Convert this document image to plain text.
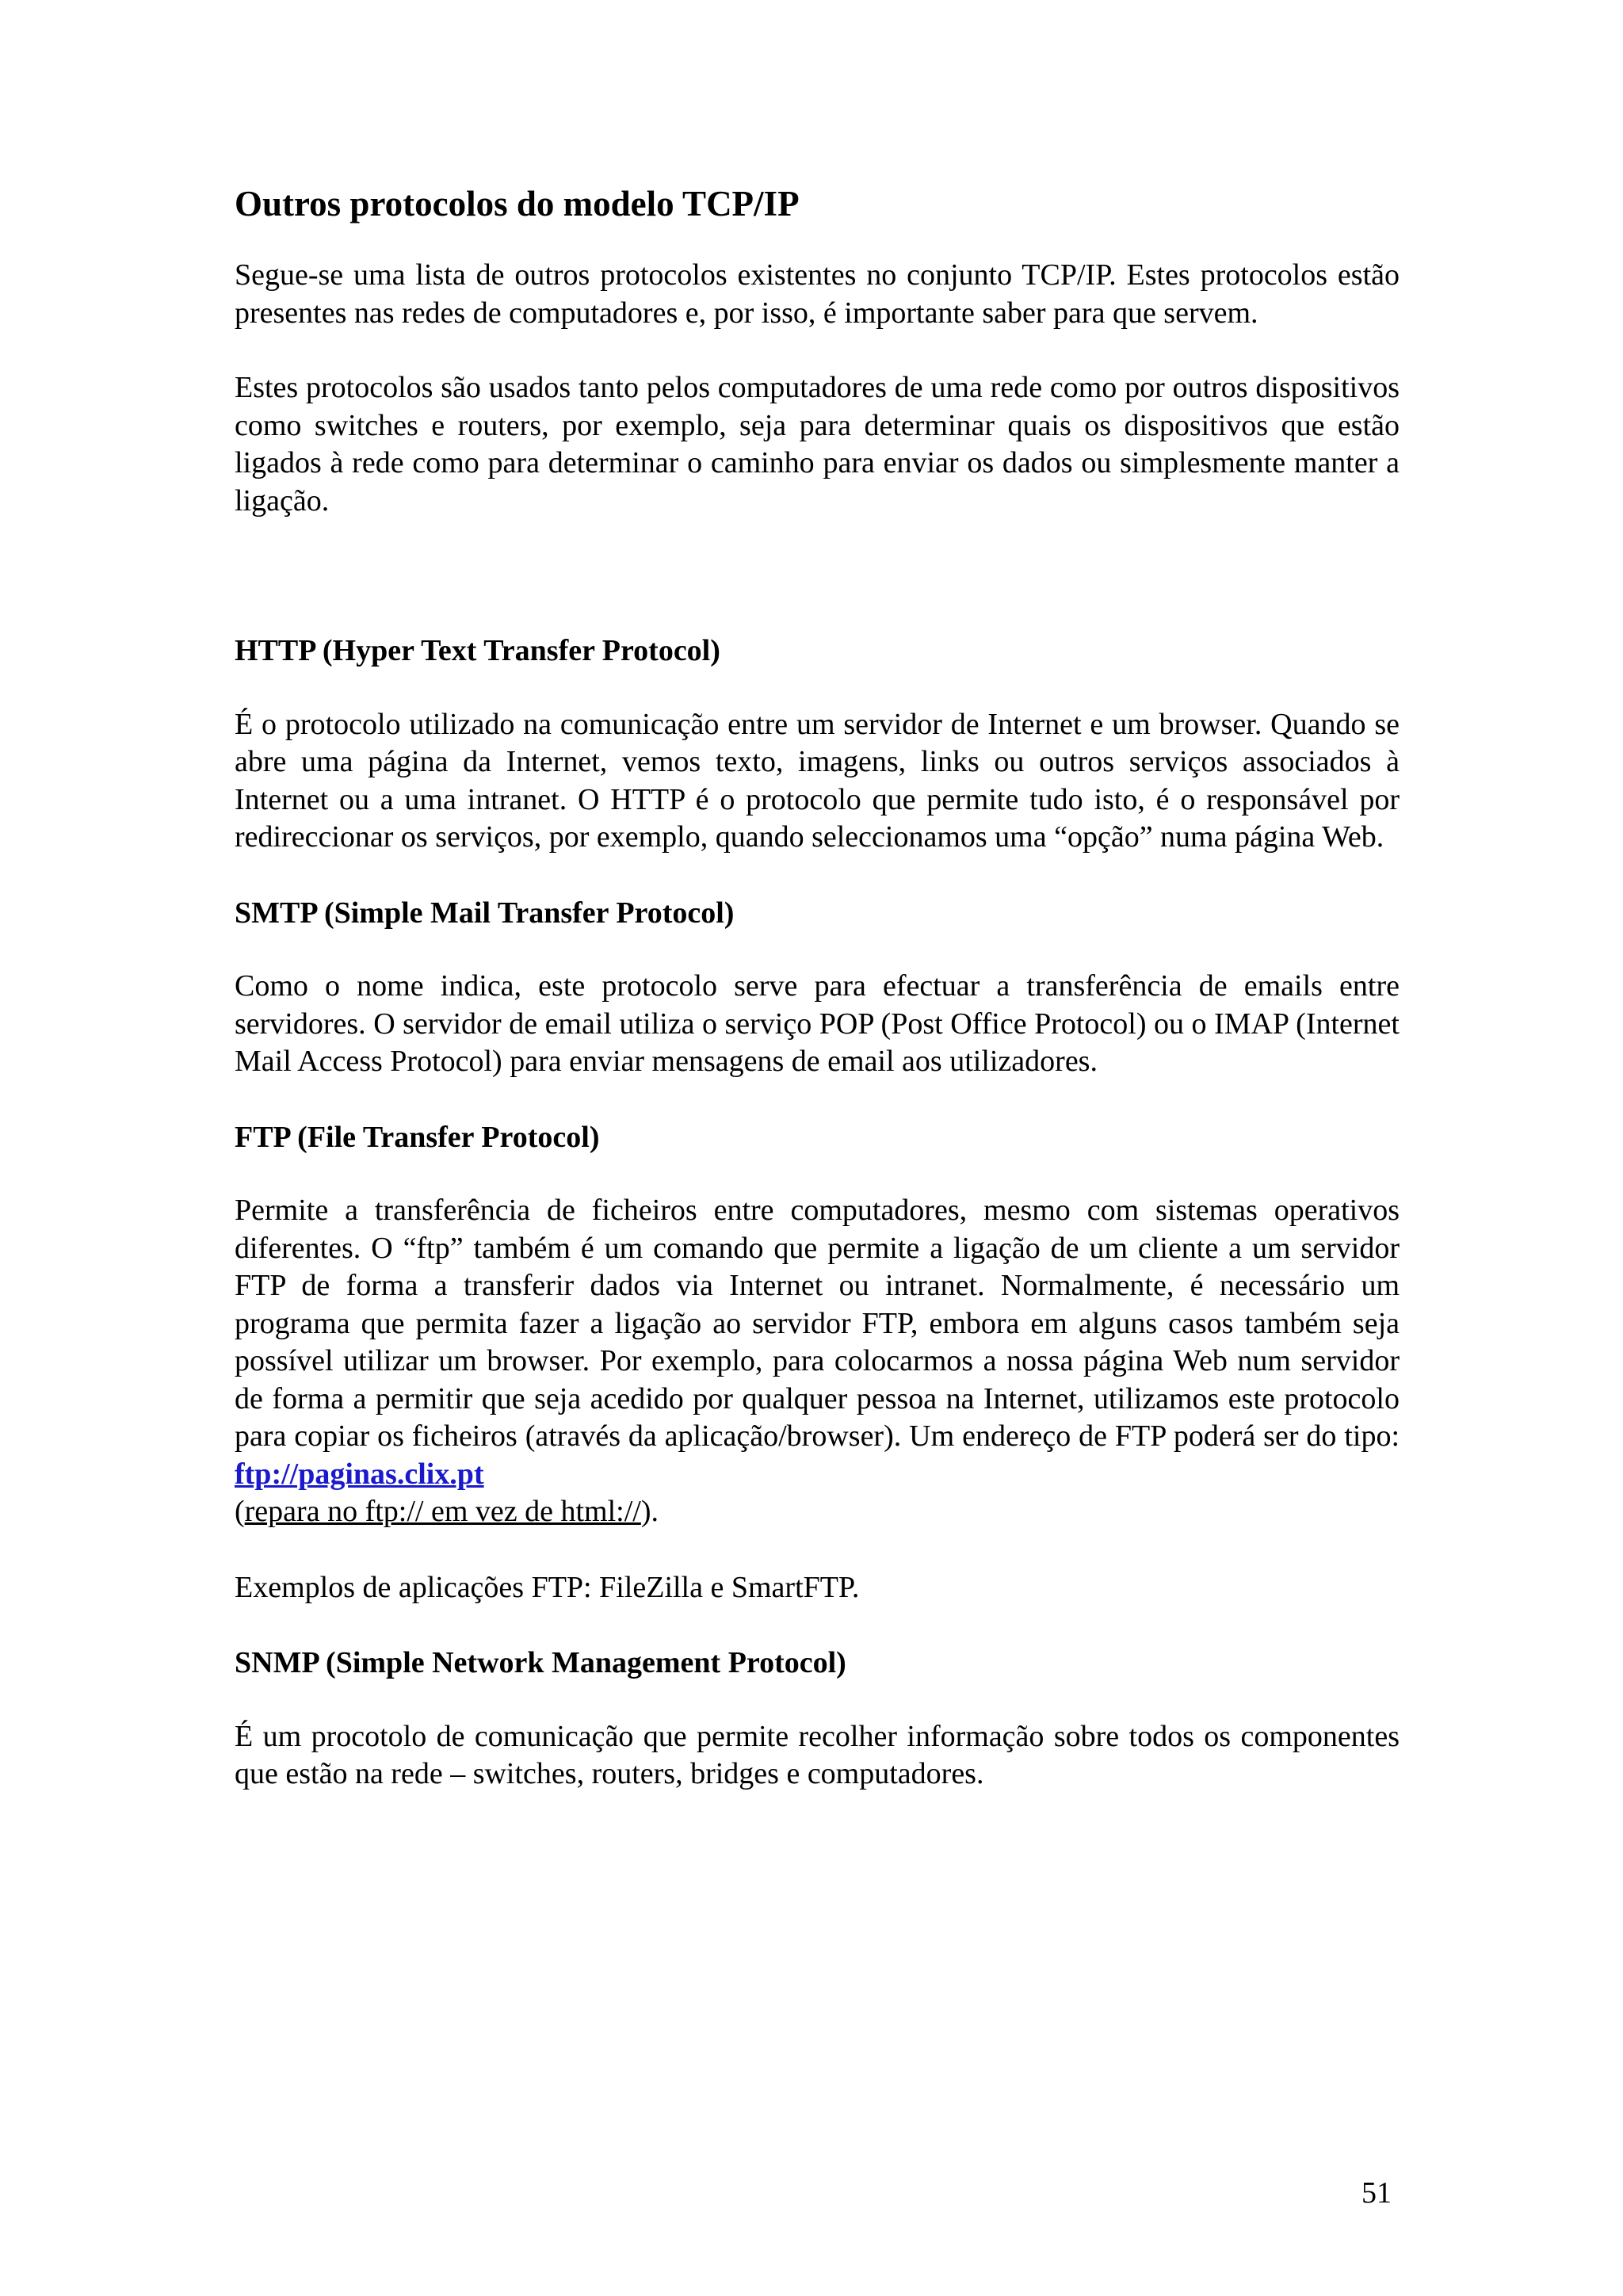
Outros protocolos do modelo TCP/IP

Segue-se uma lista de outros protocolos existentes no conjunto TCP/IP. Estes protocolos estão presentes nas redes de computadores e, por isso, é importante saber para que servem.

Estes protocolos são usados tanto pelos computadores de uma rede como por outros dispositivos como switches e routers, por exemplo, seja para determinar quais os dispositivos que estão ligados à rede como para determinar o caminho para enviar os dados ou simplesmente manter a ligação.

HTTP (Hyper Text Transfer Protocol)

É o protocolo utilizado na comunicação entre um servidor de Internet e um browser. Quando se abre uma página da Internet, vemos texto, imagens, links ou outros serviços associados à Internet ou a uma intranet. O HTTP é o protocolo que permite tudo isto, é o responsável por redireccionar os serviços, por exemplo, quando seleccionamos uma “opção” numa página Web.

SMTP (Simple Mail Transfer Protocol)

Como o nome indica, este protocolo serve para efectuar a transferência de emails entre servidores. O servidor de email utiliza o serviço POP (Post Office Protocol) ou o IMAP (Internet Mail Access Protocol) para enviar mensagens de email aos utilizadores.

FTP (File Transfer Protocol)

Permite a transferência de ficheiros entre computadores, mesmo com sistemas operativos diferentes. O “ftp” também é um comando que permite a ligação de um cliente a um servidor FTP de forma a transferir dados via Internet ou intranet. Normalmente, é necessário um programa que permita fazer a ligação ao servidor FTP, embora em alguns casos também seja possível utilizar um browser. Por exemplo, para colocarmos a nossa página Web num servidor de forma a permitir que seja acedido por qualquer pessoa na Internet, utilizamos este protocolo para copiar os ficheiros (através da aplicação/browser). Um endereço de FTP poderá ser do tipo: ftp://paginas.clix.pt
(repara no ftp:// em vez de html://).

Exemplos de aplicações FTP: FileZilla e SmartFTP.

SNMP (Simple Network Management Protocol)

É um procotolo de comunicação que permite recolher informação sobre todos os componentes que estão na rede – switches, routers, bridges e computadores.

51
